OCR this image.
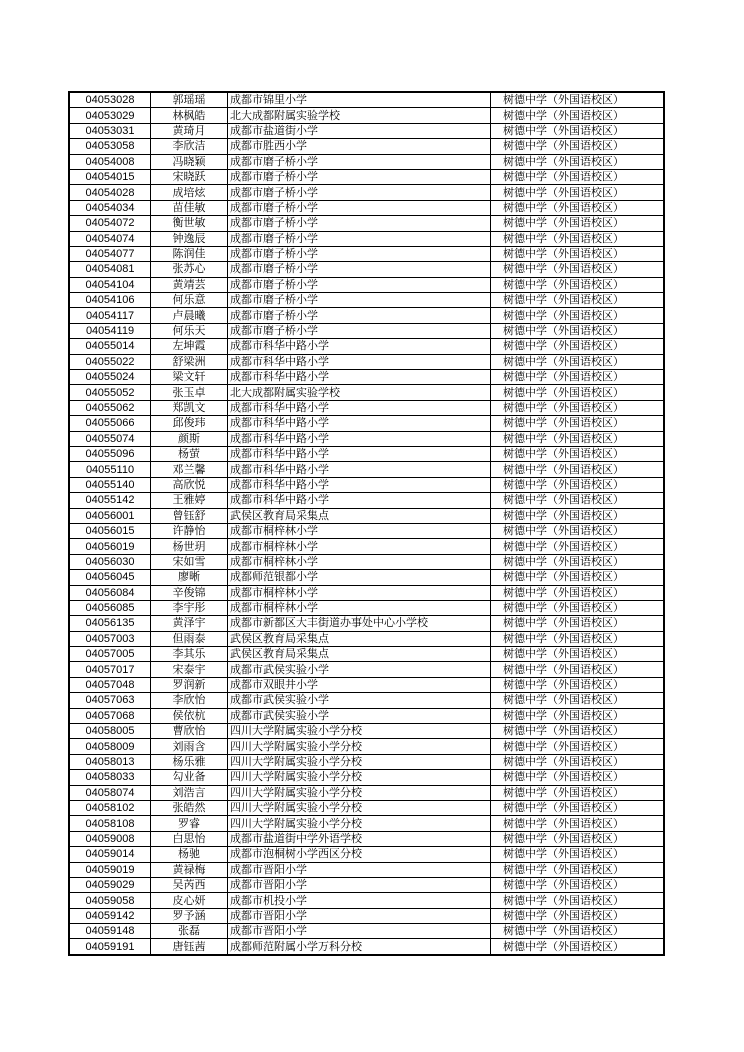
04053028	郭瑶瑶	成都市锦里小学	树德中学（外国语校区）
04053029	林枫皓	北大成都附属实验学校	树德中学（外国语校区）
04053031	黄琦月	成都市盐道街小学	树德中学（外国语校区）
04053058	李欣洁	成都市胜西小学	树德中学（外国语校区）
04054008	冯晓颖	成都市磨子桥小学	树德中学（外国语校区）
04054015	宋晓跃	成都市磨子桥小学	树德中学（外国语校区）
04054028	成培炫	成都市磨子桥小学	树德中学（外国语校区）
04054034	苗佳敏	成都市磨子桥小学	树德中学（外国语校区）
04054072	衡世敏	成都市磨子桥小学	树德中学（外国语校区）
04054074	钟逸辰	成都市磨子桥小学	树德中学（外国语校区）
04054077	陈润佳	成都市磨子桥小学	树德中学（外国语校区）
04054081	张苏心	成都市磨子桥小学	树德中学（外国语校区）
04054104	黄靖芸	成都市磨子桥小学	树德中学（外国语校区）
04054106	何乐意	成都市磨子桥小学	树德中学（外国语校区）
04054117	卢晨曦	成都市磨子桥小学	树德中学（外国语校区）
04054119	何乐天	成都市磨子桥小学	树德中学（外国语校区）
04055014	左坤霞	成都市科华中路小学	树德中学（外国语校区）
04055022	舒梁洲	成都市科华中路小学	树德中学（外国语校区）
04055024	梁文轩	成都市科华中路小学	树德中学（外国语校区）
04055052	张玉卓	北大成都附属实验学校	树德中学（外国语校区）
04055062	郑凯文	成都市科华中路小学	树德中学（外国语校区）
04055066	邱俊玮	成都市科华中路小学	树德中学（外国语校区）
04055074	颜斯	成都市科华中路小学	树德中学（外国语校区）
04055096	杨萤	成都市科华中路小学	树德中学（外国语校区）
04055110	邓兰馨	成都市科华中路小学	树德中学（外国语校区）
04055140	高欣悦	成都市科华中路小学	树德中学（外国语校区）
04055142	王雅婷	成都市科华中路小学	树德中学（外国语校区）
04056001	曾钰舒	武侯区教育局采集点	树德中学（外国语校区）
04056015	许静怡	成都市桐梓林小学	树德中学（外国语校区）
04056019	杨世玥	成都市桐梓林小学	树德中学（外国语校区）
04056030	宋如雪	成都市桐梓林小学	树德中学（外国语校区）
04056045	廖晰	成都师范银都小学	树德中学（外国语校区）
04056084	辛俊锦	成都市桐梓林小学	树德中学（外国语校区）
04056085	李宇彤	成都市桐梓林小学	树德中学（外国语校区）
04056135	黄泽宇	成都市新都区大丰街道办事处中心小学校	树德中学（外国语校区）
04057003	但雨泰	武侯区教育局采集点	树德中学（外国语校区）
04057005	李其乐	武侯区教育局采集点	树德中学（外国语校区）
04057017	宋泰宇	成都市武侯实验小学	树德中学（外国语校区）
04057048	罗润新	成都市双眼井小学	树德中学（外国语校区）
04057063	李欣怡	成都市武侯实验小学	树德中学（外国语校区）
04057068	侯依杭	成都市武侯实验小学	树德中学（外国语校区）
04058005	曹欣怡	四川大学附属实验小学分校	树德中学（外国语校区）
04058009	刘雨含	四川大学附属实验小学分校	树德中学（外国语校区）
04058013	杨乐雅	四川大学附属实验小学分校	树德中学（外国语校区）
04058033	勾业备	四川大学附属实验小学分校	树德中学（外国语校区）
04058074	刘浩言	四川大学附属实验小学分校	树德中学（外国语校区）
04058102	张皓然	四川大学附属实验小学分校	树德中学（外国语校区）
04058108	罗睿	四川大学附属实验小学分校	树德中学（外国语校区）
04059008	白思怡	成都市盐道街中学外语学校	树德中学（外国语校区）
04059014	杨驰	成都市泡桐树小学西区分校	树德中学（外国语校区）
04059019	黄禄梅	成都市晋阳小学	树德中学（外国语校区）
04059029	吴芮西	成都市晋阳小学	树德中学（外国语校区）
04059058	皮心妍	成都市机投小学	树德中学（外国语校区）
04059142	罗予涵	成都市晋阳小学	树德中学（外国语校区）
04059148	张磊	成都市晋阳小学	树德中学（外国语校区）
04059191	唐钰茜	成都师范附属小学万科分校	树德中学（外国语校区）
